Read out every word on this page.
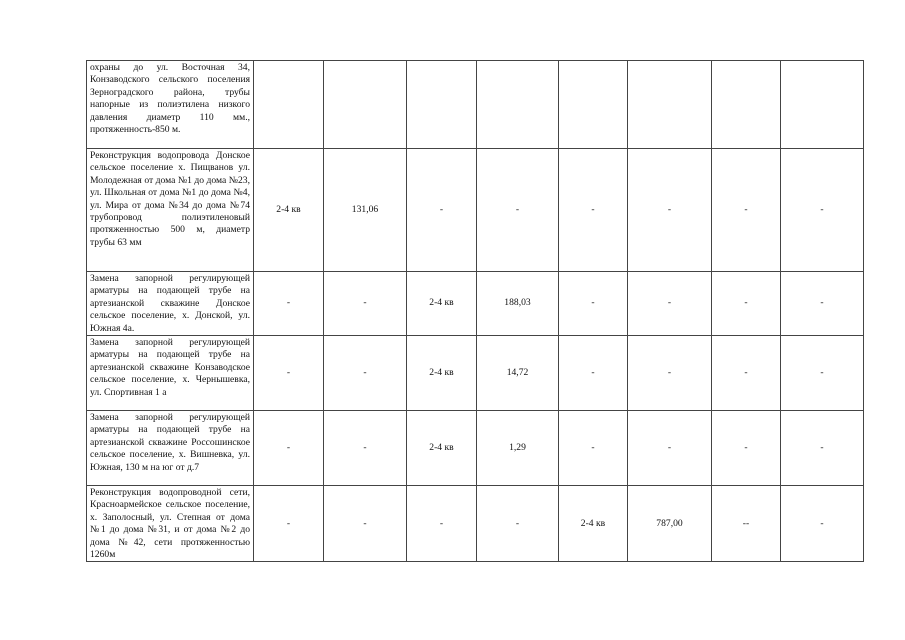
охраны до ул. Восточная 34, Конзаводского сельского поселения Зерноградского района, трубы напорные из полиэтилена низкого давления диаметр 110 мм., протяженность-850 м.								
Реконструкция водопровода Донское сельское поселение х. Пищванов ул. Молодежная от дома №1 до дома №23, ул. Школьная от дома №1 до дома №4, ул. Мира от дома №34 до дома №74 трубопровод полиэтиленовый протяженностью 500 м, диаметр трубы 63 мм	2-4 кв	131,06	-	-	-	-	-	-
Замена запорной регулирующей арматуры на подающей трубе на артезианской скважине Донское сельское поселение, х. Донской, ул. Южная 4а.	-	-	2-4 кв	188,03	-	-	-	-
Замена запорной регулирующей арматуры на подающей трубе на артезианской скважине Конзаводское сельское поселение, х. Чернышевка, ул. Спортивная 1 а	-	-	2-4 кв	14,72	-	-	-	-
Замена запорной регулирующей арматуры на подающей трубе на артезианской скважине Россошинское сельское поселение, х. Вишневка, ул. Южная, 130 м на юг от д.7	-	-	2-4 кв	1,29	-	-	-	-
Реконструкция водопроводной сети, Красноармейское сельское поселение, х. Заполосный, ул. Степная от дома №1 до дома №31, и от дома №2 до дома №42, сети протяженностью 1260м	-	-	-	-	2-4 кв	787,00	--	-
